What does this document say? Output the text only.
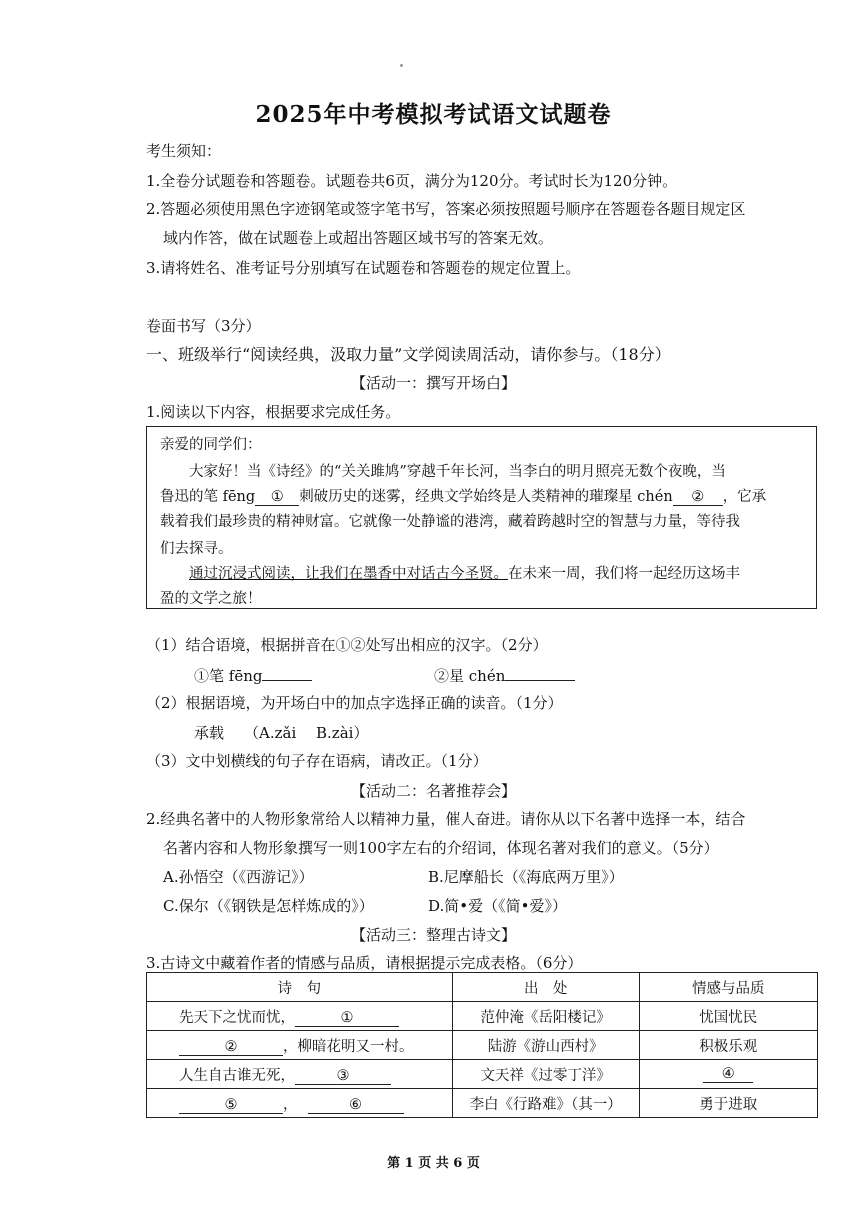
2025年中考模拟考试语文试题卷
考生须知：
1.全卷分试题卷和答题卷。试题卷共6页，满分为120分。考试时长为120分钟。
2.答题必须使用黑色字迹钢笔或签字笔书写，答案必须按照题号顺序在答题卷各题目规定区
域内作答，做在试题卷上或超出答题区域书写的答案无效。
3.请将姓名、准考证号分别填写在试题卷和答题卷的规定位置上。
卷面书写（3分）
一、班级举行“阅读经典，汲取力量”文学阅读周活动，请你参与。（18分）
【活动一：撰写开场白】
1.阅读以下内容，根据要求完成任务。
亲爱的同学们：
大家好！当《诗经》的“关关雎鸠”穿越千年长河，当李白的明月照亮无数个夜晚，当
鲁迅的笔 fēng ① 刺破历史的迷雾，经典文学始终是人类精神的璀璨星 chén ② ，它承
载着我们最珍贵的精神财富。它就像一处静谧的港湾，藏着跨越时空的智慧与力量，等待我
们去探寻。
通过沉浸式阅读，让我们在墨香中对话古今圣贤。在未来一周，我们将一起经历这场丰
盈的文学之旅！
（1）结合语境，根据拼音在①②处写出相应的汉字。（2分）
①笔 fēng	②星 chén
（2）根据语境，为开场白中的加点字选择正确的读音。（1分）
承载 （A.zǎi　 B.zài）
（3）文中划横线的句子存在语病，请改正。（1分）
【活动二：名著推荐会】
2.经典名著中的人物形象常给人以精神力量，催人奋进。请你从以下名著中选择一本，结合
名著内容和人物形象撰写一则100字左右的介绍词，体现名著对我们的意义。（5分）
A.孙悟空（《西游记》）	B.尼摩船长（《海底两万里》）
C.保尔（《钢铁是怎样炼成的》）	D.简•爱（《简•爱》）
【活动三：整理古诗文】
3.古诗文中藏着作者的情感与品质，请根据提示完成表格。（6分）
诗　句	出　处	情感与品质
先天下之忧而忧， ①	范仲淹《岳阳楼记》	忧国忧民
② ，柳暗花明又一村。	陆游《游山西村》	积极乐观
人生自古谁无死， ③	文天祥《过零丁洋》	④
⑤ ， ⑥	李白《行路难》（其一）	勇于进取
第 1 页 共 6 页
